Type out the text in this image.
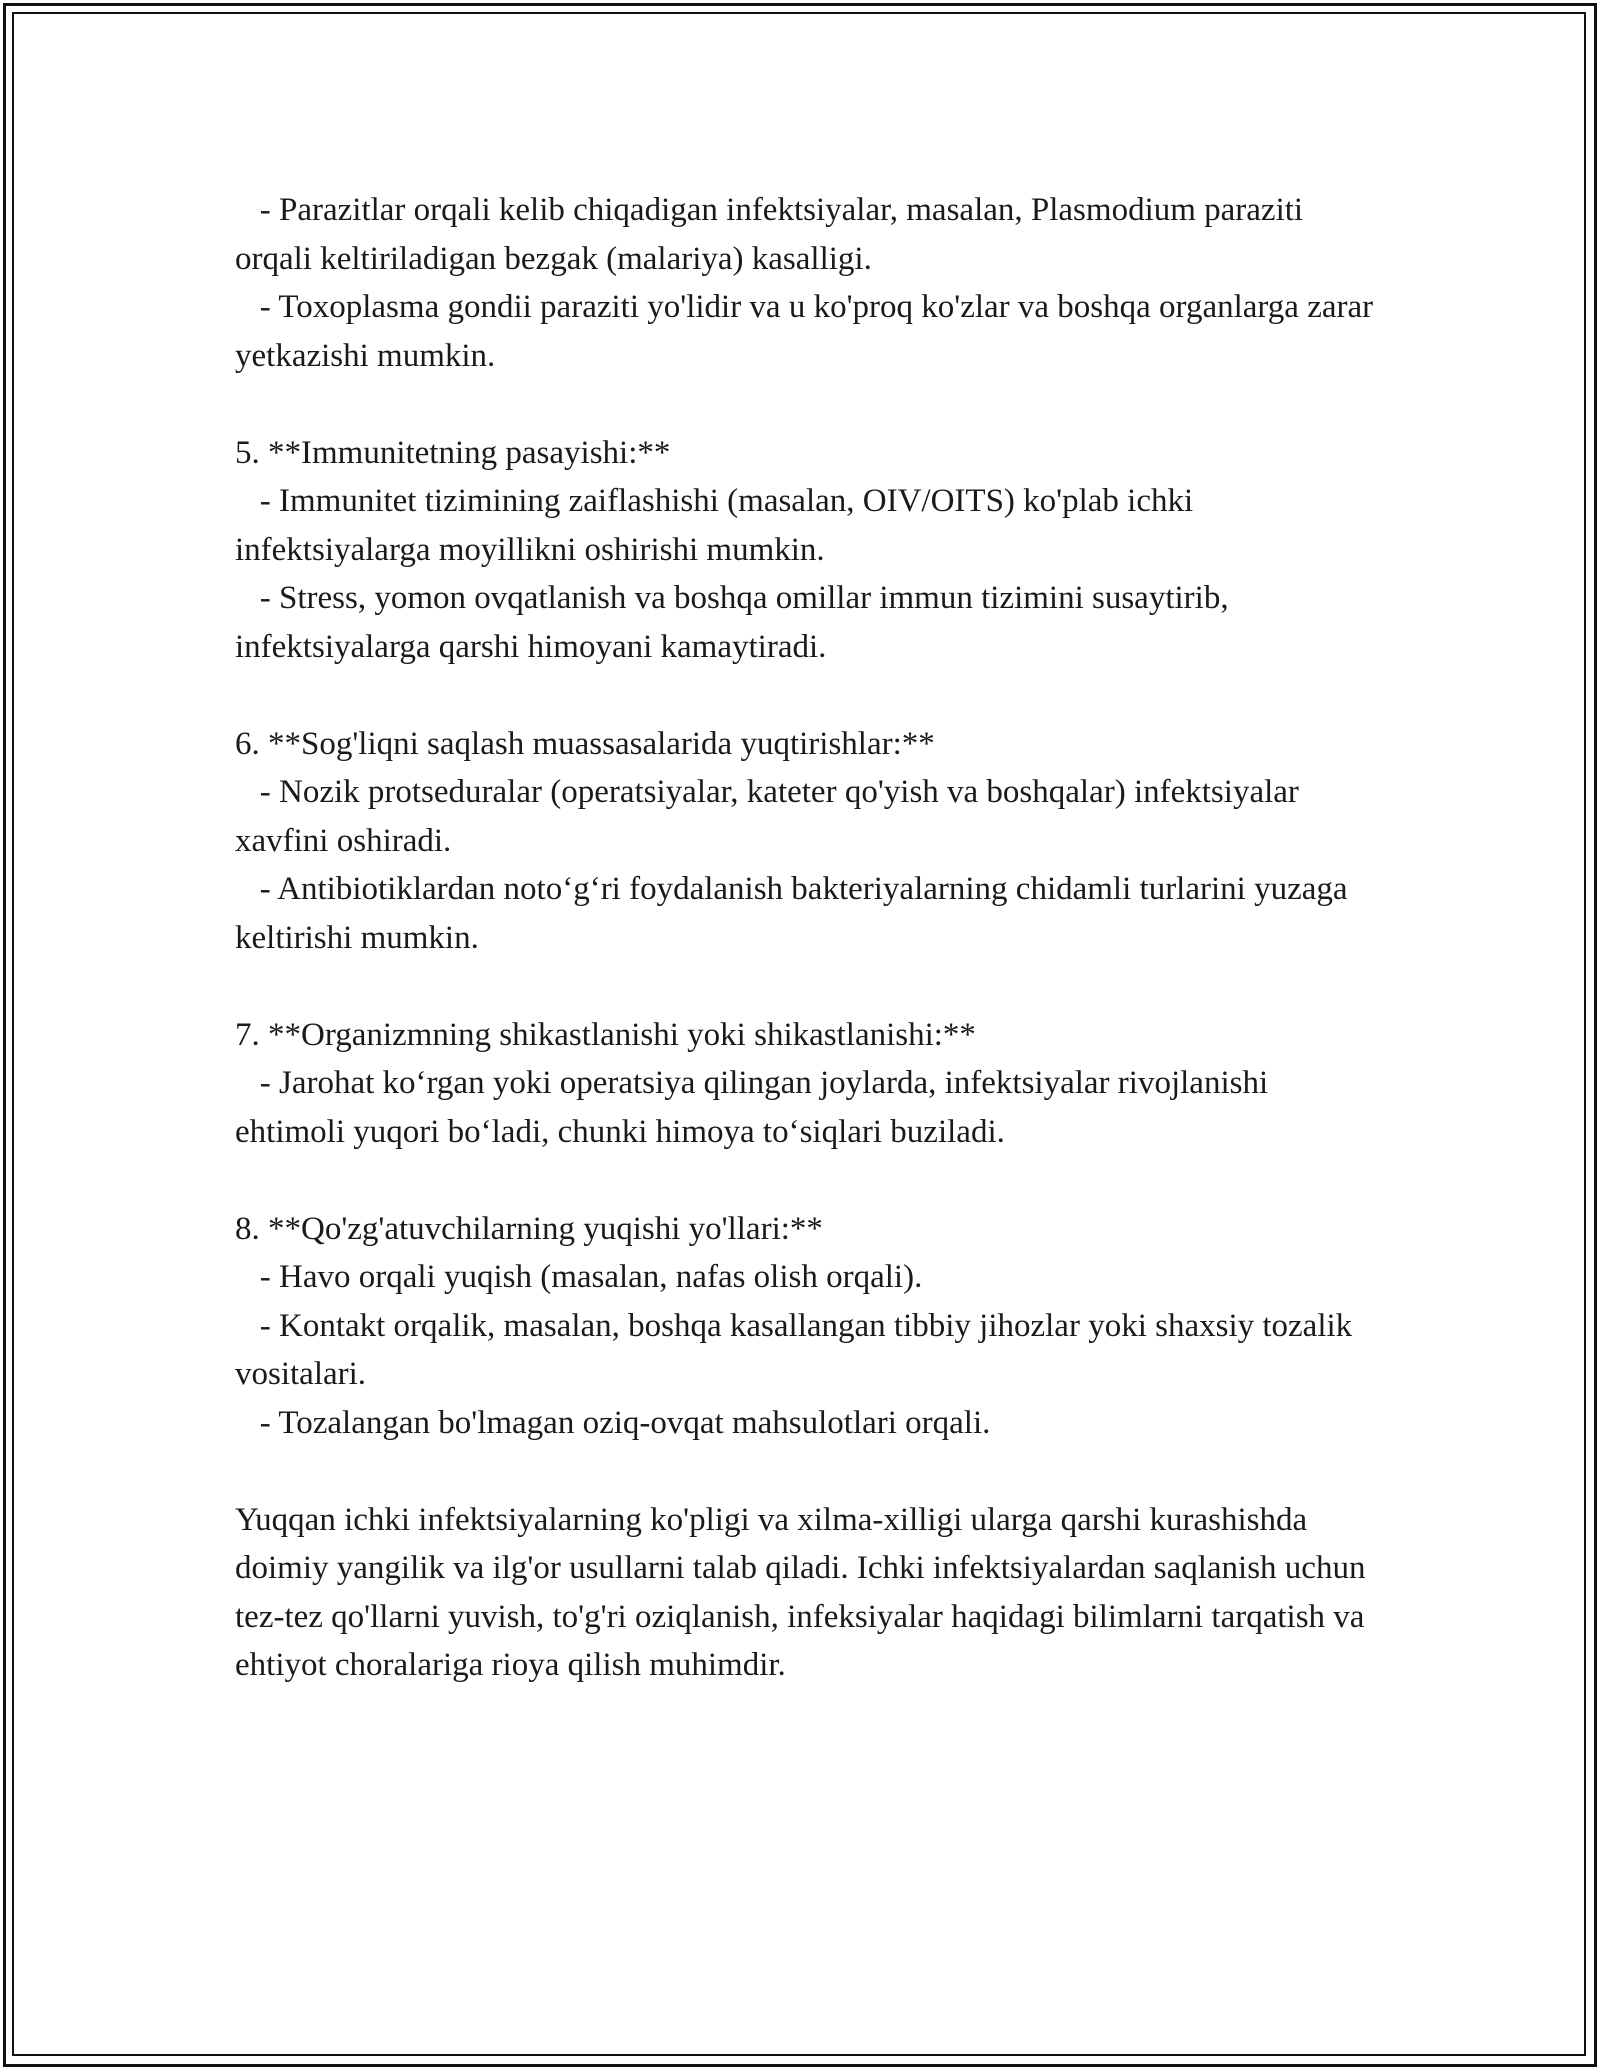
- Parazitlar orqali kelib chiqadigan infektsiyalar, masalan, Plasmodium parazitі orqali keltiriladigan bezgak (malariya) kasalligi.

- Toxoplasma gondii paraziti yo'lidir va u ko'proq ko'zlar va boshqa organlarga zarar yetkazishi mumkin.

5. **Immunitetning pasayishi:**

- Immunitet tizimining zaiflashishi (masalan, OIV/OITS) ko'plab ichki infektsiyalarga moyillikni oshirishi mumkin.

- Stress, yomon ovqatlanish va boshqa omillar immun tizimini susaytirib, infektsiyalarga qarshi himoyani kamaytiradi.

6. **Sog'liqni saqlash muassasalarida yuqtirishlar:**

- Nozik protseduralar (operatsiyalar, kateter qo'yish va boshqalar) infektsiyalar xavfini oshiradi.

- Antibiotiklardan noto‘g‘ri foydalanish bakteriyalarning chidamli turlarini yuzaga keltirishi mumkin.

7. **Organizmning shikastlanishi yoki shikastlanishi:**

- Jarohat ko‘rgan yoki operatsiya qilingan joylarda, infektsiyalar rivojlanishi ehtimoli yuqori bo‘ladi, chunki himoya to‘siqlari buziladi.

8. **Qo'zg'atuvchilarning yuqishi yo'llari:**

- Havo orqali yuqish (masalan, nafas olish orqali).

- Kontakt orqalik, masalan, boshqa kasallangan tibbiy jihozlar yoki shaxsiy tozalik vositalari.

- Tozalangan bo'lmagan oziq-ovqat mahsulotlari orqali.

Yuqqan ichki infektsiyalarning ko'pligi va xilma-xilligi ularga qarshi kurashishda doimiy yangilik va ilg'or usullarni talab qiladi. Ichki infektsiyalardan saqlanish uchun tez-tez qo'llarni yuvish, to'g'ri oziqlanish, infeksiyalar haqidagi bilimlarni tarqatish va ehtiyot choralariga rioya qilish muhimdir.
